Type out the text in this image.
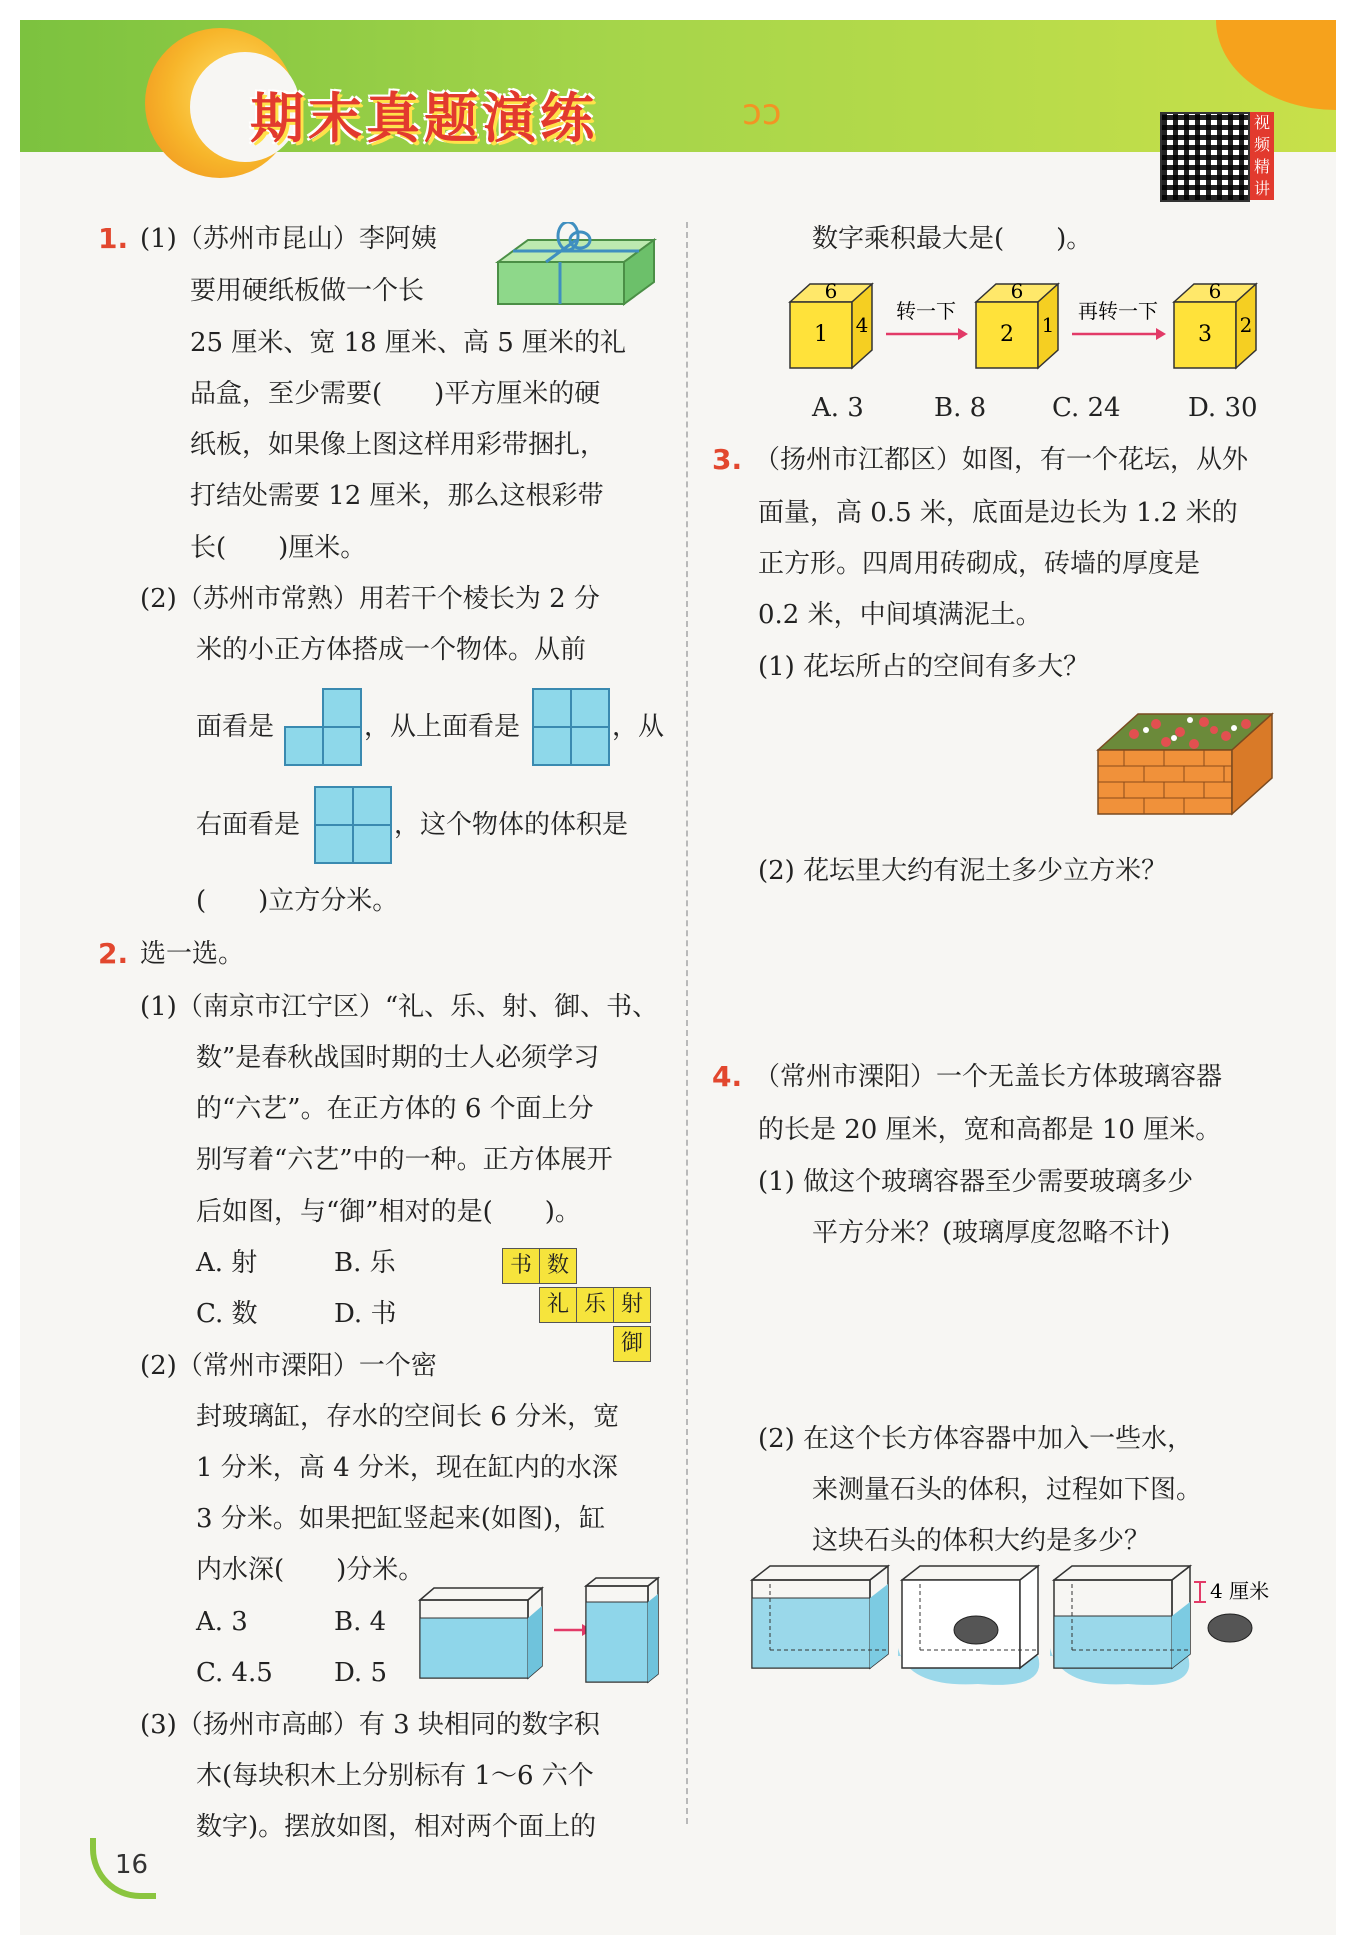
期末真题演练	ↄↄ	视频精讲
1. (1)（苏州市昆山）李阿姨
要用硬纸板做一个长
25 厘米、宽 18 厘米、高 5 厘米的礼
品盒，至少需要(　　)平方厘米的硬
纸板，如果像上图这样用彩带捆扎，
打结处需要 12 厘米，那么这根彩带
长(　　)厘米。
(2)（苏州市常熟）用若干个棱长为 2 分
米的小正方体搭成一个物体。从前
面看是	，从上面看是	，从
右面看是	，这个物体的体积是
(　　)立方分米。
2. 选一选。
(1)（南京市江宁区）“礼、乐、射、御、书、
数”是春秋战国时期的士人必须学习
的“六艺”。在正方体的 6 个面上分
别写着“六艺”中的一种。正方体展开
后如图，与“御”相对的是(　　)。
A. 射	B. 乐
C. 数	D. 书
书 数
礼 乐 射
御
(2)（常州市溧阳）一个密
封玻璃缸，存水的空间长 6 分米，宽
1 分米，高 4 分米，现在缸内的水深
3 分米。如果把缸竖起来(如图)，缸
内水深(　　)分米。
A. 3	B. 4
C. 4.5 D. 5
(3)（扬州市高邮）有 3 块相同的数字积
木(每块积木上分别标有 1～6 六个
数字)。摆放如图，相对两个面上的
16
数字乘积最大是(　　)。
6
1 4
转一下
6
2 1
再转一下
6
3 2
A. 3	B. 8	C. 24	D. 30
3. （扬州市江都区）如图，有一个花坛，从外
面量，高 0.5 米，底面是边长为 1.2 米的
正方形。四周用砖砌成，砖墙的厚度是
0.2 米，中间填满泥土。
(1) 花坛所占的空间有多大？
(2) 花坛里大约有泥土多少立方米？
4. （常州市溧阳）一个无盖长方体玻璃容器
的长是 20 厘米，宽和高都是 10 厘米。
(1) 做这个玻璃容器至少需要玻璃多少
平方分米？(玻璃厚度忽略不计)
(2) 在这个长方体容器中加入一些水，
来测量石头的体积，过程如下图。
这块石头的体积大约是多少？
4 厘米
